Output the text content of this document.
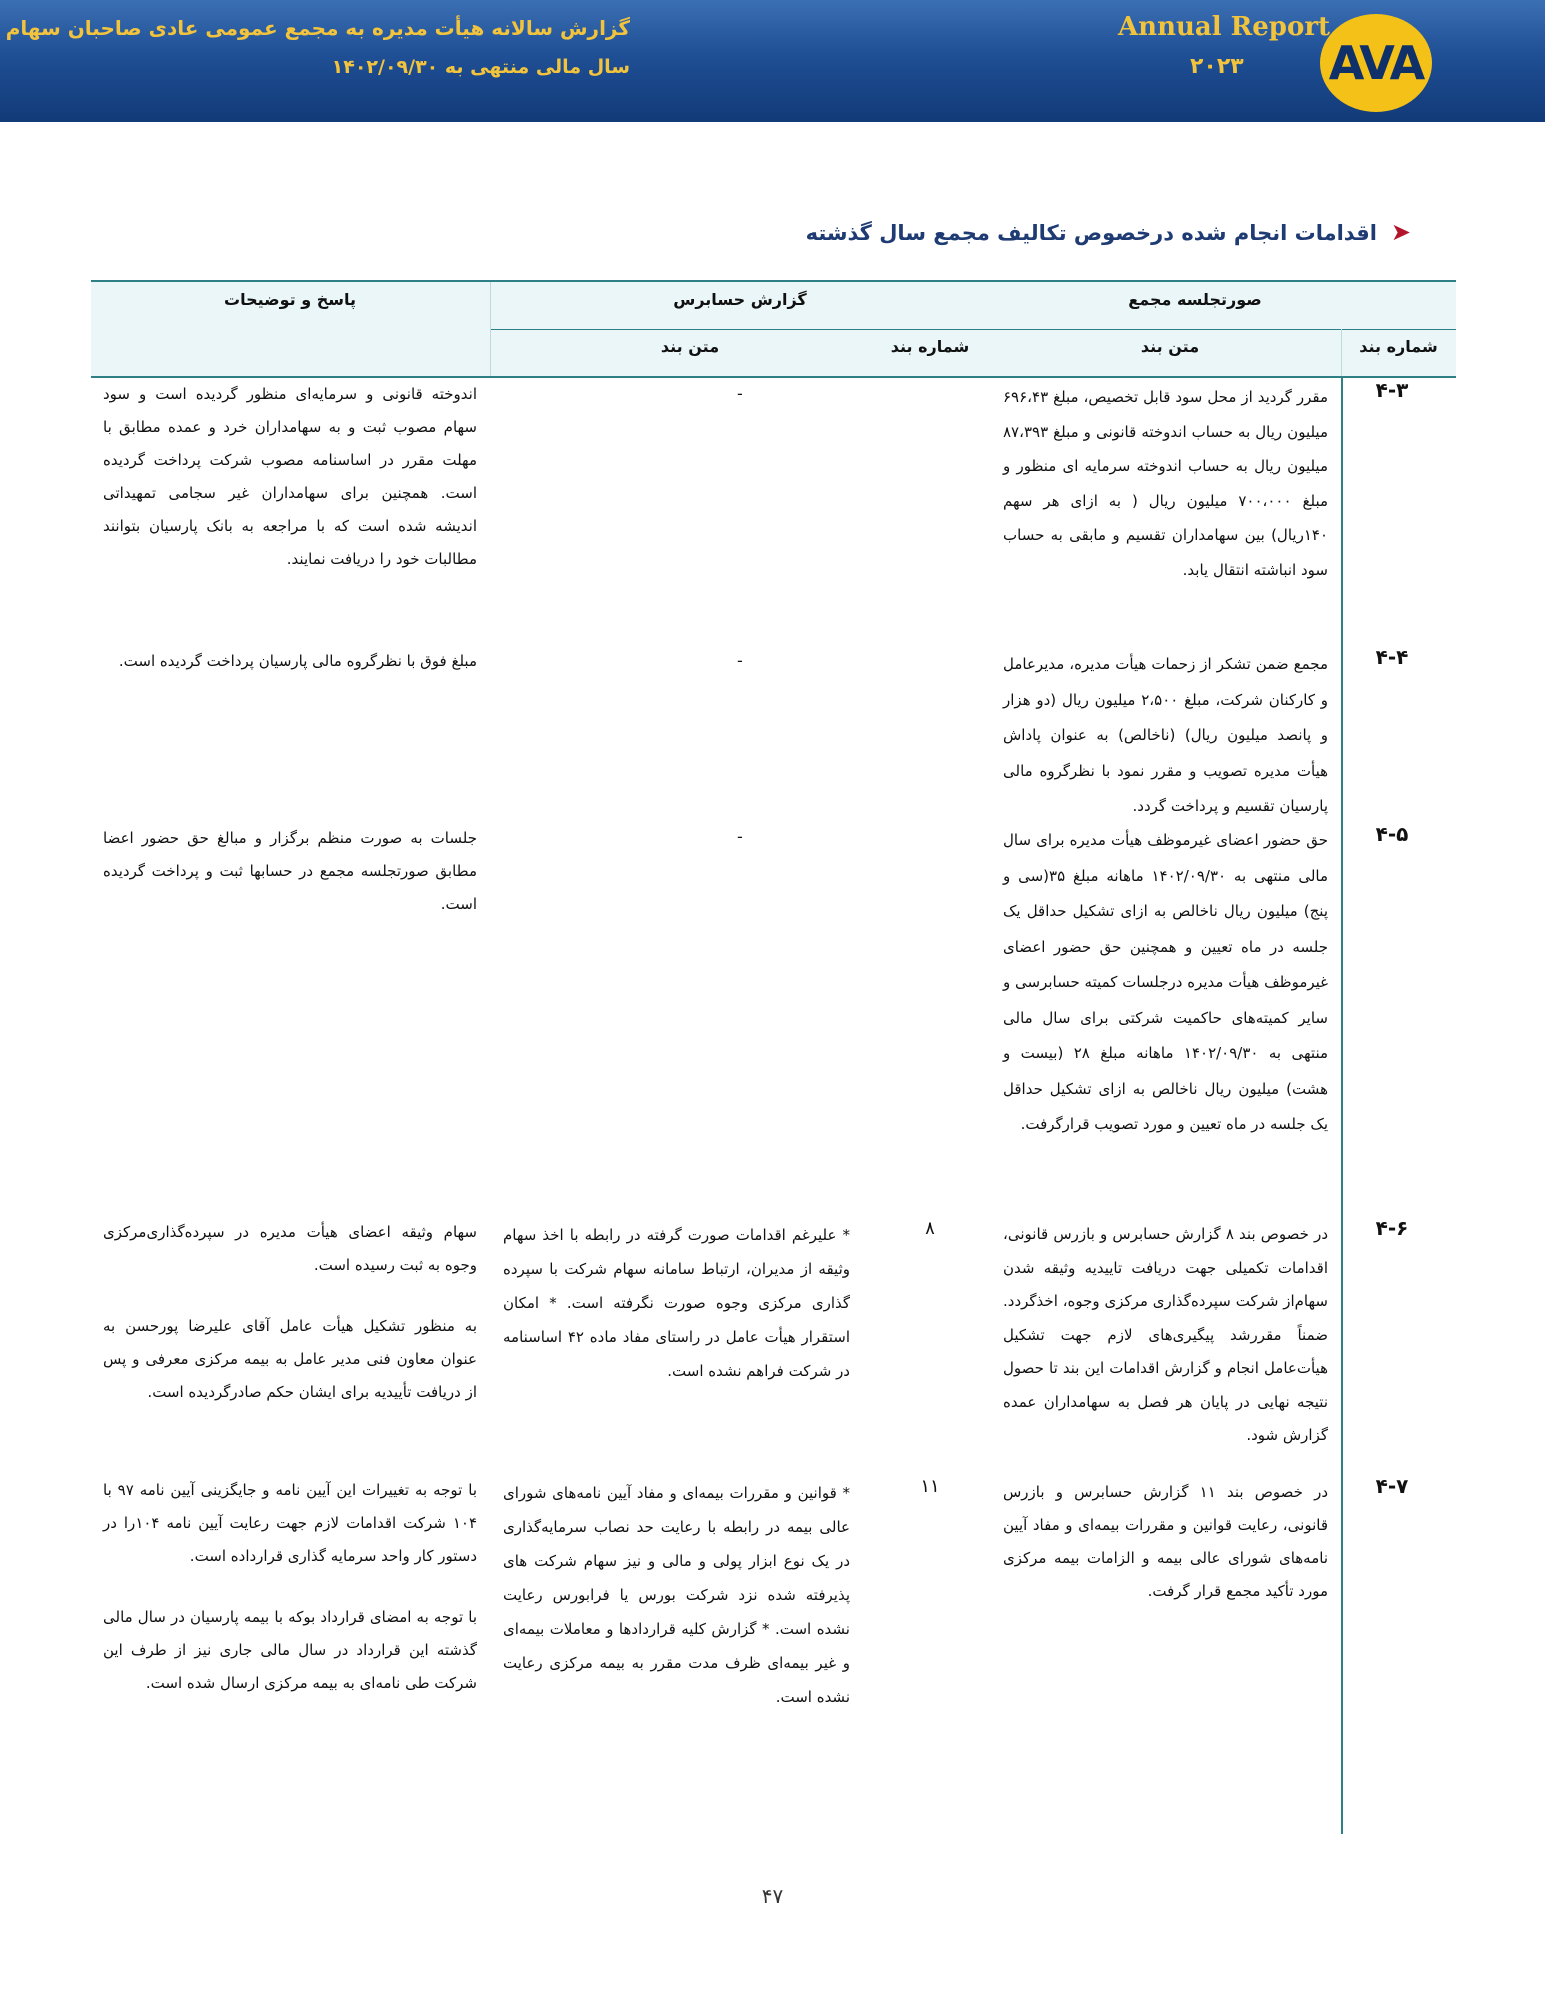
AVA
Annual Report
۲۰۲۳
گزارش سالانه هیأت مدیره به مجمع عمومی عادی صاحبان سهام
سال مالی منتهی به ۱۴۰۲/۰۹/۳۰
➤اقدامات انجام شده درخصوص تکالیف مجمع سال گذشته
صورتجلسه مجمع
گزارش حسابرس
پاسخ و توضیحات
شماره بند
متن بند
شماره بند
متن بند
۴-۳
مقرر گردید از محل سود قابل تخصیص، مبلغ ۶۹۶،۴۳ میلیون ریال به حساب اندوخته قانونی و مبلغ ۸۷،۳۹۳ میلیون ریال به حساب اندوخته سرمایه ای منظور و مبلغ ۷۰۰،۰۰۰ میلیون ریال ( به ازای هر سهم ۱۴۰ریال) بین سهامداران تقسیم و مابقی به حساب سود انباشته انتقال یابد.
-
اندوخته قانونی و سرمایه‌ای منظور گردیده است و سود سهام مصوب ثبت و به سهامداران خرد و عمده مطابق با مهلت مقرر در اساسنامه مصوب شرکت پرداخت گردیده است. همچنین برای سهامداران غیر سجامی تمهیداتی اندیشه شده است که با مراجعه به بانک پارسیان بتوانند مطالبات خود را دریافت نمایند.
۴-۴
مجمع ضمن تشکر از زحمات هیأت مدیره، مدیرعامل و کارکنان شرکت، مبلغ ۲،۵۰۰ میلیون ریال (دو هزار و پانصد میلیون ریال) (ناخالص) به عنوان پاداش هیأت مدیره تصویب و مقرر نمود با نظرگروه مالی پارسیان تقسیم و پرداخت گردد.
-
مبلغ فوق با نظرگروه مالی پارسیان پرداخت گردیده است.
۴-۵
حق حضور اعضای غیرموظف هیأت مدیره برای سال مالی منتهی به ۱۴۰۲/۰۹/۳۰ ماهانه مبلغ ۳۵(سی و پنج) میلیون ریال ناخالص به ازای تشکیل حداقل یک جلسه در ماه تعیین و همچنین حق حضور اعضای غیرموظف هیأت مدیره درجلسات کمیته حسابرسی و سایر کمیته‌های حاکمیت شرکتی برای سال مالی منتهی به ۱۴۰۲/۰۹/۳۰ ماهانه مبلغ ۲۸ (بیست و هشت) میلیون ریال ناخالص به ازای تشکیل حداقل یک جلسه در ماه تعیین و مورد تصویب قرارگرفت.
-
جلسات به صورت منظم برگزار و مبالغ حق حضور اعضا مطابق صورتجلسه مجمع در حسابها ثبت و پرداخت گردیده است.
۴-۶
در خصوص بند ۸ گزارش حسابرس و بازرس قانونی، اقدامات تکمیلی جهت دریافت تاییدیه وثیقه شدن سهام‌از شرکت سپرده‌گذاری مرکزی وجوه، اخذگردد. ضمناً مقررشد پیگیری‌های لازم جهت تشکیل هیأت‌عامل انجام و گزارش اقدامات این بند تا حصول نتیجه نهایی در پایان هر فصل به سهامداران عمده گزارش شود.
۸
* علیرغم اقدامات صورت گرفته در رابطه با اخذ سهام وثیقه از مدیران، ارتباط سامانه سهام شرکت با سپرده گذاری مرکزی وجوه صورت نگرفته است. * امکان استقرار هیأت عامل در راستای مفاد ماده ۴۲ اساسنامه در شرکت فراهم نشده است.
سهام وثیقه اعضای هیأت مدیره در سپرده‌گذاری‌مرکزی وجوه به ثبت رسیده است.
به منظور تشکیل هیأت عامل آقای علیرضا پورحسن به عنوان معاون فنی مدیر عامل به بیمه مرکزی معرفی و پس از دریافت تأییدیه برای ایشان حکم صادرگردیده است.
۴-۷
در خصوص بند ۱۱ گزارش حسابرس و بازرس قانونی، رعایت قوانین و مقررات بیمه‌ای و مفاد آیین نامه‌های شورای عالی بیمه و الزامات بیمه مرکزی مورد تأکید مجمع قرار گرفت.
۱۱
* قوانین و مقررات بیمه‌ای و مفاد آیین نامه‌های شورای عالی بیمه در رابطه با رعایت حد نصاب سرمایه‌گذاری در یک نوع ابزار پولی و مالی و نیز سهام شرکت های پذیرفته شده نزد شرکت بورس یا فرابورس رعایت نشده است. * گزارش کلیه قراردادها و معاملات بیمه‌ای و غیر بیمه‌ای ظرف مدت مقرر به بیمه مرکزی رعایت نشده است.
با توجه به تغییرات این آیین نامه و جایگزینی آیین نامه ۹۷ با ۱۰۴ شرکت اقدامات لازم جهت رعایت آیین نامه ۱۰۴را در دستور کار واحد سرمایه گذاری قرارداده است.
با توجه به امضای قرارداد بوکه با بیمه پارسیان در سال مالی گذشته این قرارداد در سال مالی جاری نیز از طرف این شرکت طی نامه‌ای به بیمه مرکزی ارسال شده است.
۴۷
